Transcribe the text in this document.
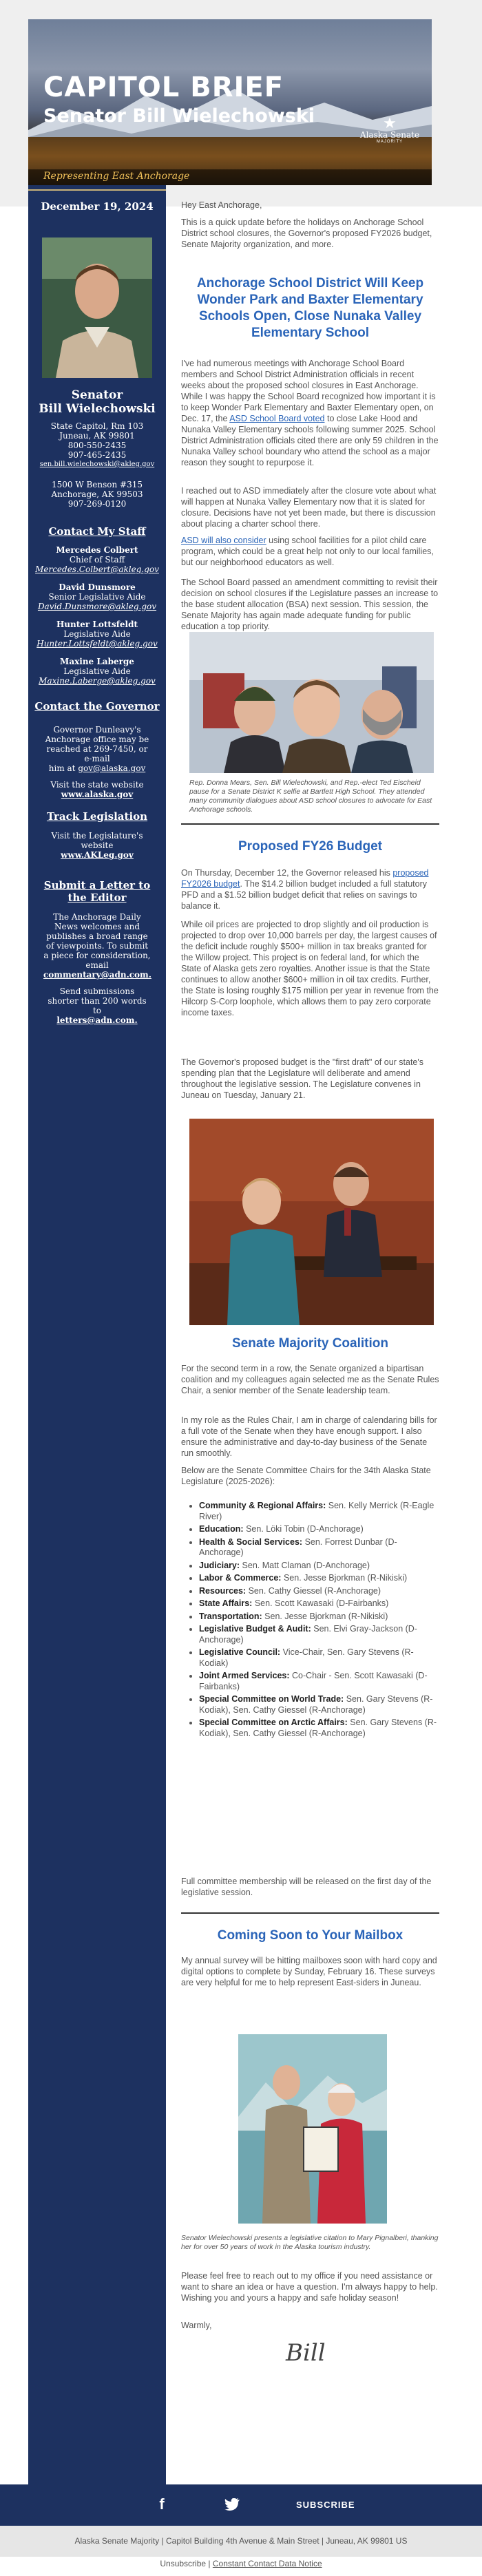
CAPITOL BRIEF
Senator Bill Wielechowski	★
Alaska Senate
MAJORITY
Representing East Anchorage
December 19, 2024
Senator
Bill Wielechowski
State Capitol, Rm 103
Juneau, AK 99801
800-550-2435
907-465-2435
sen.bill.wielechowski@akleg.gov
1500 W Benson #315
Anchorage, AK 99503
907-269-0120
Contact My Staff
Mercedes Colbert
Chief of Staff
Mercedes.Colbert@akleg.gov
David Dunsmore
Senior Legislative Aide
David.Dunsmore@akleg.gov
Hunter Lottsfeldt
Legislative Aide
Hunter.Lottsfeldt@akleg.gov
Maxine Laberge
Legislative Aide
Maxine.Laberge@akleg.gov
Contact the Governor
Governor Dunleavy's Anchorage office may be reached at 269-7450, or e-mail
him at gov@alaska.gov
Visit the state website
www.alaska.gov
Track Legislation
Visit the Legislature's website
www.AKLeg.gov
Submit a Letter to the Editor
The Anchorage Daily News welcomes and publishes a broad range of viewpoints. To submit a piece for consideration, email
commentary@adn.com.
Send submissions shorter than 200 words to
letters@adn.com.
Hey East Anchorage,
This is a quick update before the holidays on Anchorage School District school closures, the Governor's proposed FY2026 budget, Senate Majority organization, and more.
Anchorage School District Will Keep Wonder Park and Baxter Elementary Schools Open, Close Nunaka Valley Elementary School
I've had numerous meetings with Anchorage School Board members and School District Administration officials in recent weeks about the proposed school closures in East Anchorage. While I was happy the School Board recognized how important it is to keep Wonder Park Elementary and Baxter Elementary open, on Dec. 17, the ASD School Board voted to close Lake Hood and Nunaka Valley Elementary schools following summer 2025. School District Administration officials cited there are only 59 children in the Nunaka Valley school boundary who attend the school as a major reason they sought to repurpose it.
I reached out to ASD immediately after the closure vote about what will happen at Nunaka Valley Elementary now that it is slated for closure. Decisions have not yet been made, but there is discussion about placing a charter school there.
ASD will also consider using school facilities for a pilot child care program, which could be a great help not only to our local families, but our neighborhood educators as well.
The School Board passed an amendment committing to revisit their decision on school closures if the Legislature passes an increase to the base student allocation (BSA) next session. This session, the Senate Majority has again made adequate funding for public education a top priority.
Rep. Donna Mears, Sen. Bill Wielechowski, and Rep.-elect Ted Eischeid pause for a Senate District K selfie at Bartlett High School. They attended many community dialogues about ASD school closures to advocate for East Anchorage schools.
Proposed FY26 Budget
On Thursday, December 12, the Governor released his proposed FY2026 budget. The $14.2 billion budget included a full statutory PFD and a $1.52 billion budget deficit that relies on savings to balance it.
While oil prices are projected to drop slightly and oil production is projected to drop over 10,000 barrels per day, the largest causes of the deficit include roughly $500+ million in tax breaks granted for the Willow project. This project is on federal land, for which the State of Alaska gets zero royalties. Another issue is that the State continues to allow another $600+ million in oil tax credits. Further, the State is losing roughly $175 million per year in revenue from the Hilcorp S-Corp loophole, which allows them to pay zero corporate income taxes.
The Governor's proposed budget is the "first draft" of our state's spending plan that the Legislature will deliberate and amend throughout the legislative session. The Legislature convenes in Juneau on Tuesday, January 21.
Senate Majority Coalition
For the second term in a row, the Senate organized a bipartisan coalition and my colleagues again selected me as the Senate Rules Chair, a senior member of the Senate leadership team.
In my role as the Rules Chair, I am in charge of calendaring bills for a full vote of the Senate when they have enough support. I also ensure the administrative and day-to-day business of the Senate run smoothly.
Below are the Senate Committee Chairs for the 34th Alaska State Legislature (2025-2026):
• Community & Regional Affairs: Sen. Kelly Merrick (R-Eagle River)
• Education: Sen. Löki Tobin (D-Anchorage)
• Health & Social Services: Sen. Forrest Dunbar (D-Anchorage)
• Judiciary: Sen. Matt Claman (D-Anchorage)
• Labor & Commerce: Sen. Jesse Bjorkman (R-Nikiski)
• Resources: Sen. Cathy Giessel (R-Anchorage)
• State Affairs: Sen. Scott Kawasaki (D-Fairbanks)
• Transportation: Sen. Jesse Bjorkman (R-Nikiski)
• Legislative Budget & Audit: Sen. Elvi Gray-Jackson (D-Anchorage)
• Legislative Council: Vice-Chair, Sen. Gary Stevens (R-Kodiak)
• Joint Armed Services: Co-Chair - Sen. Scott Kawasaki (D-Fairbanks)
• Special Committee on World Trade: Sen. Gary Stevens (R-Kodiak), Sen. Cathy Giessel (R-Anchorage)
• Special Committee on Arctic Affairs: Sen. Gary Stevens (R-Kodiak), Sen. Cathy Giessel (R-Anchorage)
Full committee membership will be released on the first day of the legislative session.
Coming Soon to Your Mailbox
My annual survey will be hitting mailboxes soon with hard copy and digital options to complete by Sunday, February 16. These surveys are very helpful for me to help represent East-siders in Juneau.
Senator Wielechowski presents a legislative citation to Mary Pignalberi, thanking her for over 50 years of work in the Alaska tourism industry.
Please feel free to reach out to my office if you need assistance or want to share an idea or have a question. I'm always happy to help. Wishing you and yours a happy and safe holiday season!
Warmly,
Bill
f	SUBSCRIBE
Alaska Senate Majority | Capitol Building 4th Avenue & Main Street | Juneau, AK 99801 US
Unsubscribe | Constant Contact Data Notice
